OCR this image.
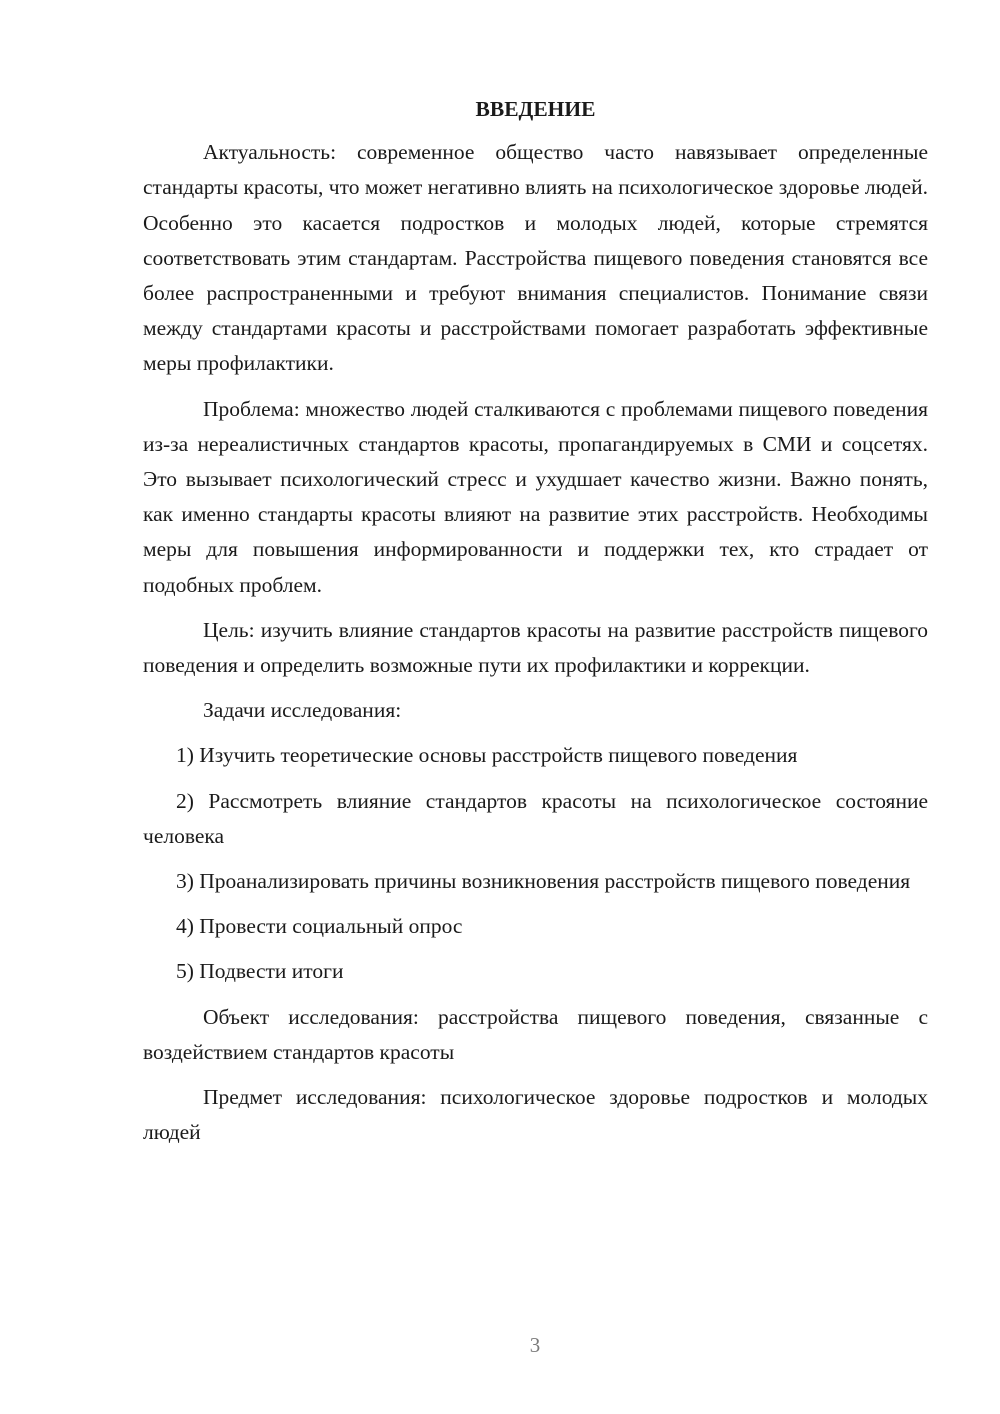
ВВЕДЕНИЕ

Актуальность: современное общество часто навязывает определенные стандарты красоты, что может негативно влиять на психологическое здоровье людей. Особенно это касается подростков и молодых людей, которые стремятся соответствовать этим стандартам. Расстройства пищевого поведения становятся все более распространенными и требуют внимания специалистов. Понимание связи между стандартами красоты и расстройствами помогает разработать эффективные меры профилактики.

Проблема: множество людей сталкиваются с проблемами пищевого поведения из-за нереалистичных стандартов красоты, пропагандируемых в СМИ и соцсетях. Это вызывает психологический стресс и ухудшает качество жизни. Важно понять, как именно стандарты красоты влияют на развитие этих расстройств. Необходимы меры для повышения информированности и поддержки тех, кто страдает от подобных проблем.

Цель: изучить влияние стандартов красоты на развитие расстройств пищевого поведения и определить возможные пути их профилактики и коррекции.

Задачи исследования:

1) Изучить теоретические основы расстройств пищевого поведения

2) Рассмотреть влияние стандартов красоты на психологическое состояние человека

3) Проанализировать причины возникновения расстройств пищевого поведения

4) Провести социальный опрос

5) Подвести итоги

Объект исследования: расстройства пищевого поведения, связанные с воздействием стандартов красоты

Предмет исследования: психологическое здоровье подростков и молодых людей

3
